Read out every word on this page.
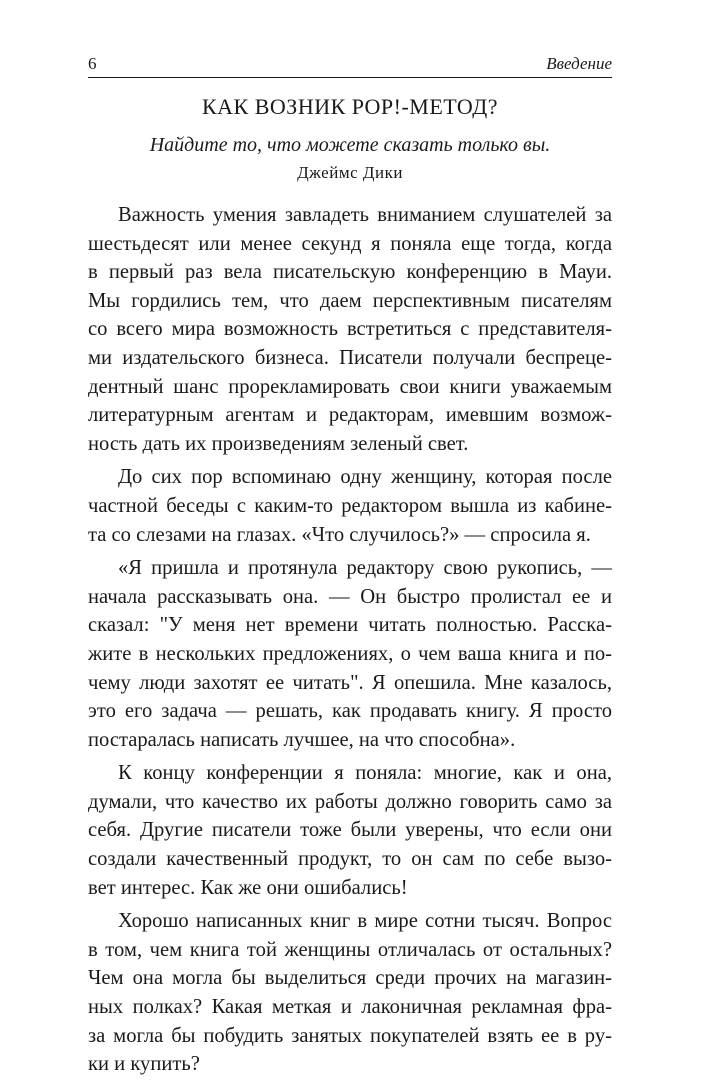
6	Введение
КАК ВОЗНИК POP!-МЕТОД?
Найдите то, что можете сказать только вы.
Джеймс Дики
Важность умения завладеть вниманием слушателей за
шестьдесят или менее секунд я поняла еще тогда, когда
в первый раз вела писательскую конференцию в Мауи.
Мы гордились тем, что даем перспективным писателям
со всего мира возможность встретиться с представителя-
ми издательского бизнеса. Писатели получали беспреце-
дентный шанс прорекламировать свои книги уважаемым
литературным агентам и редакторам, имевшим возмож-
ность дать их произведениям зеленый свет.
До сих пор вспоминаю одну женщину, которая после
частной беседы с каким-то редактором вышла из кабине-
та со слезами на глазах. «Что случилось?» — спросила я.
«Я пришла и протянула редактору свою рукопись, —
начала рассказывать она. — Он быстро пролистал ее и
сказал: "У меня нет времени читать полностью. Расска-
жите в нескольких предложениях, о чем ваша книга и по-
чему люди захотят ее читать". Я опешила. Мне казалось,
это его задача — решать, как продавать книгу. Я просто
постаралась написать лучшее, на что способна».
К концу конференции я поняла: многие, как и она,
думали, что качество их работы должно говорить само за
себя. Другие писатели тоже были уверены, что если они
создали качественный продукт, то он сам по себе вызо-
вет интерес. Как же они ошибались!
Хорошо написанных книг в мире сотни тысяч. Вопрос
в том, чем книга той женщины отличалась от остальных?
Чем она могла бы выделиться среди прочих на магазин-
ных полках? Какая меткая и лаконичная рекламная фра-
за могла бы побудить занятых покупателей взять ее в ру-
ки и купить?
